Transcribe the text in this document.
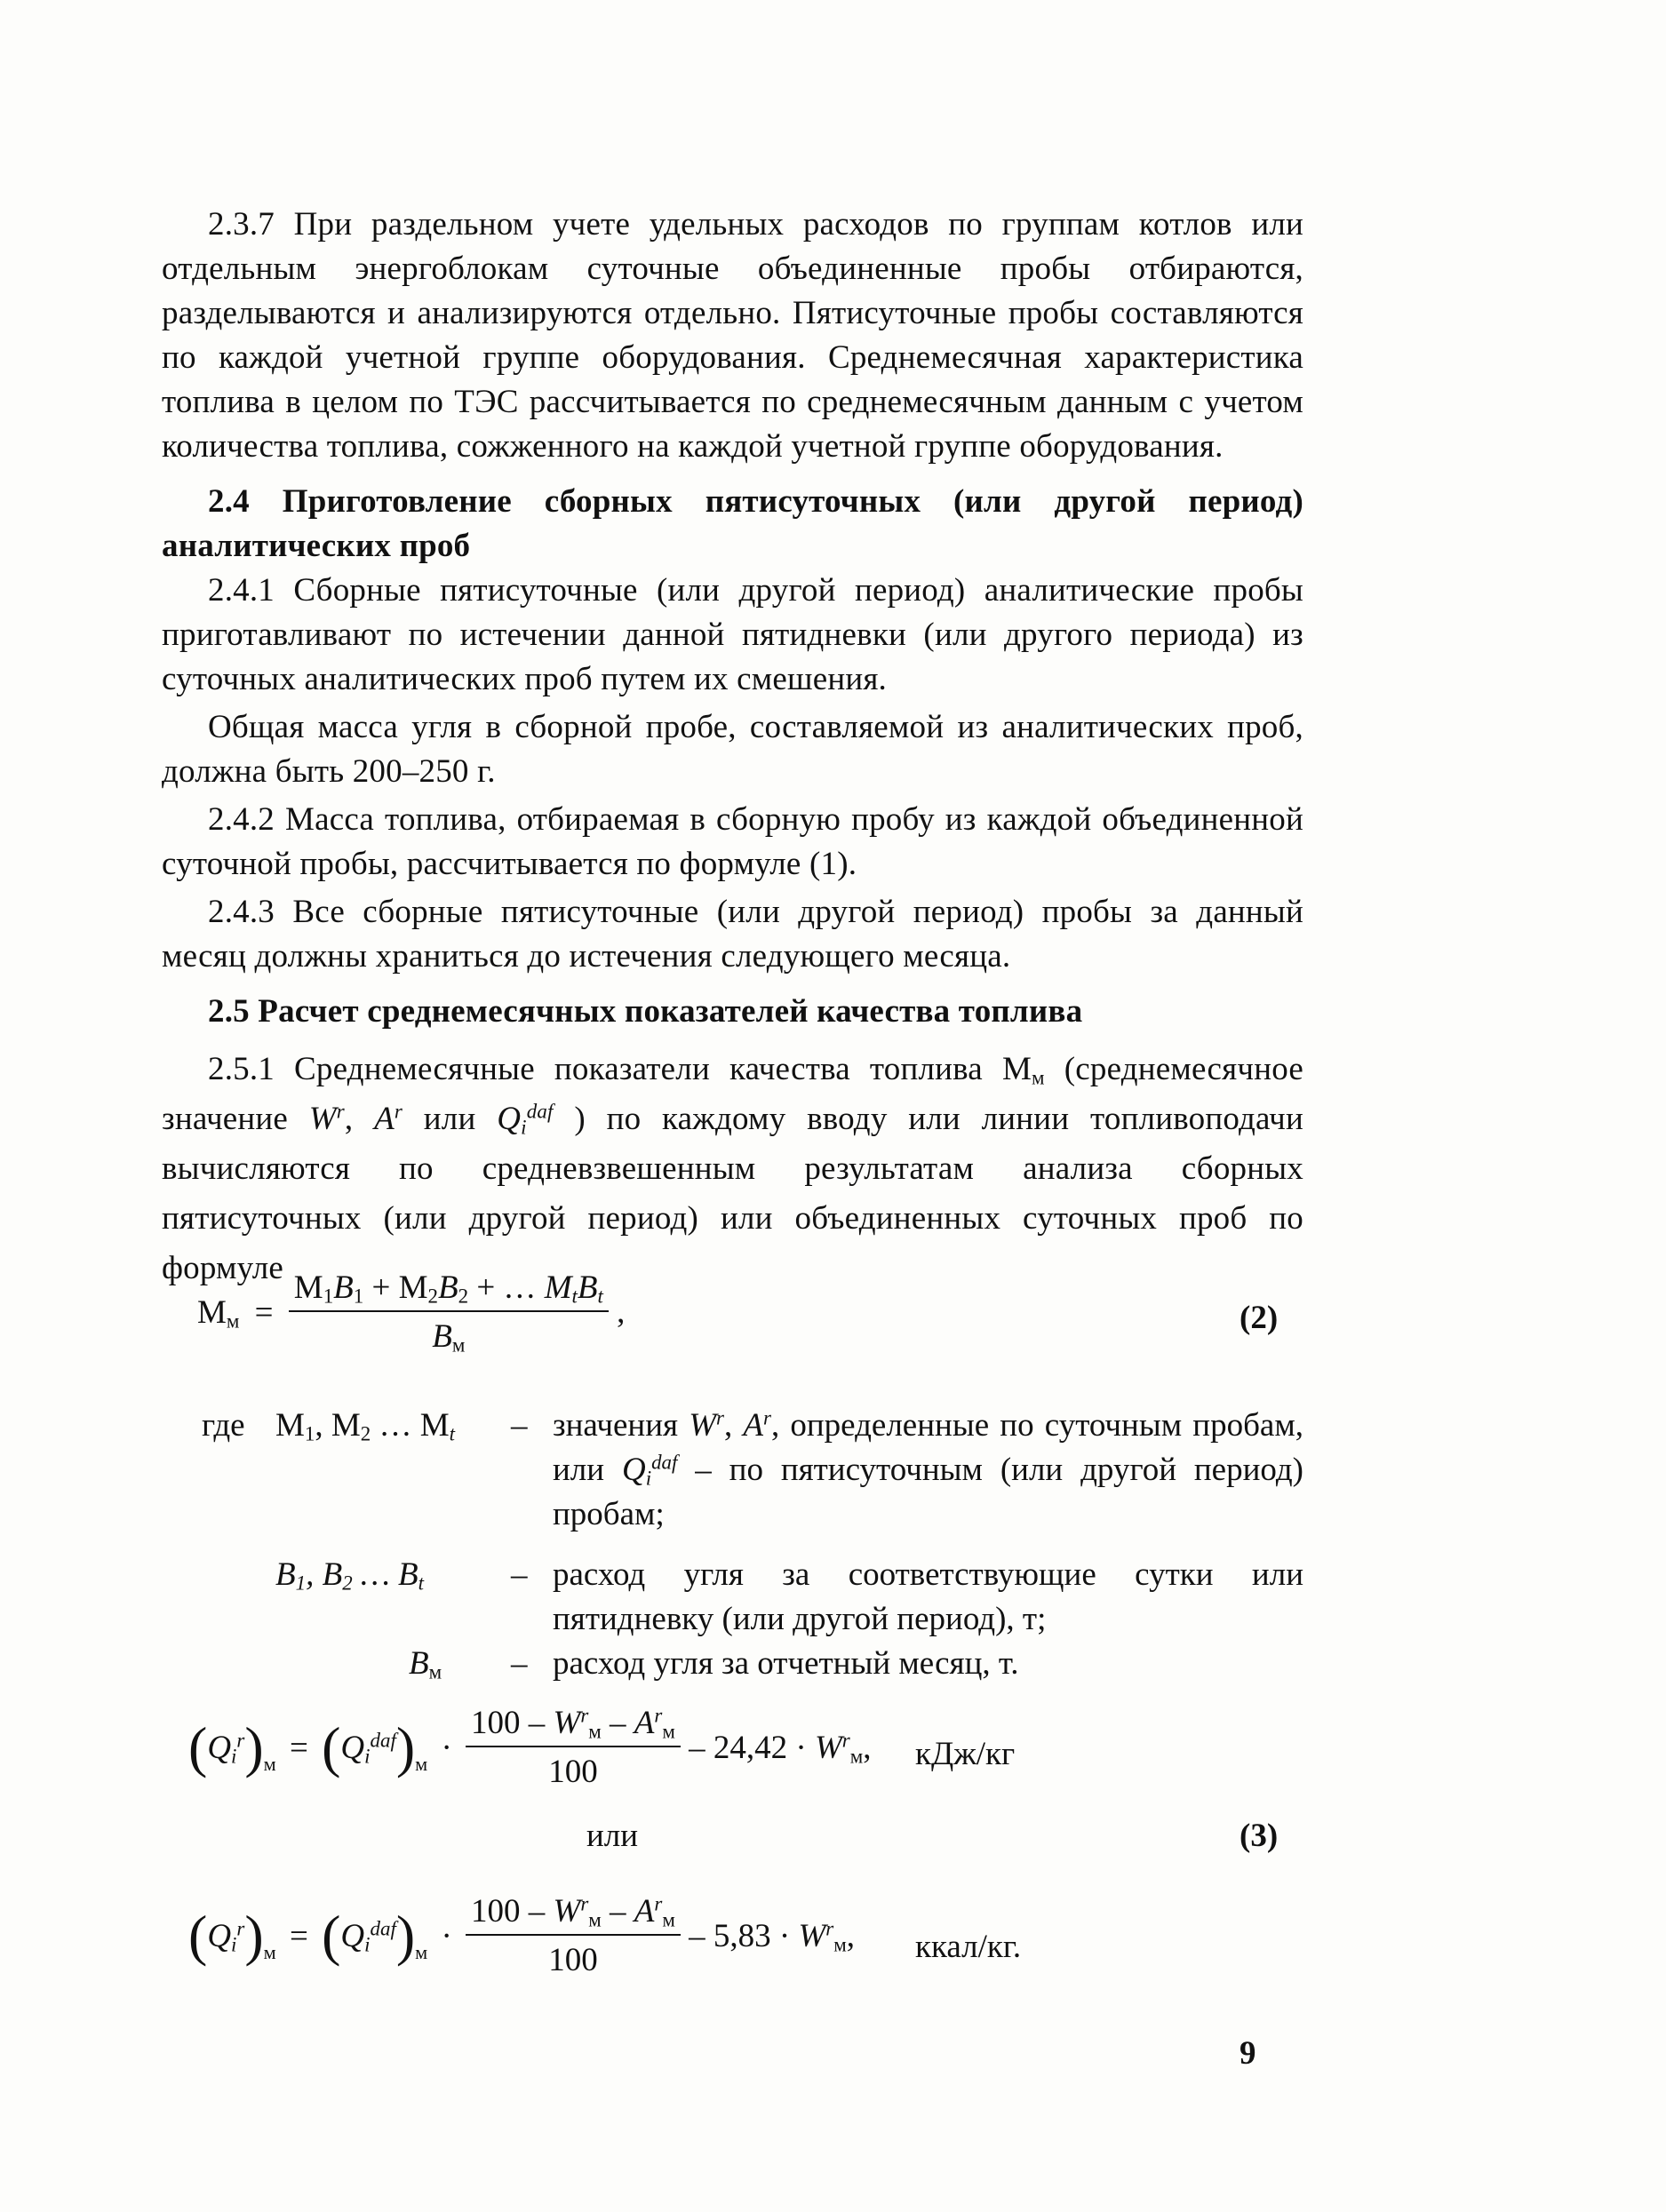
2.3.7 При раздельном учете удельных расходов по группам котлов или отдельным энергоблокам суточные объединенные пробы отбираются, разделываются и анализируются отдельно. Пятисуточные пробы составляются по каждой учетной группе оборудования. Среднемесячная характеристика топлива в целом по ТЭС рассчитывается по среднемесячным данным с учетом количества топлива, сожженного на каждой учетной группе оборудования.

2.4 Приготовление сборных пятисуточных (или другой период) аналитических проб

2.4.1 Сборные пятисуточные (или другой период) аналитические пробы приготавливают по истечении данной пятидневки (или другого периода) из суточных аналитических проб путем их смешения.

Общая масса угля в сборной пробе, составляемой из аналитических проб, должна быть 200–250 г.

2.4.2 Масса топлива, отбираемая в сборную пробу из каждой объединенной суточной пробы, рассчитывается по формуле (1).

2.4.3 Все сборные пятисуточные (или другой период) пробы за данный месяц должны храниться до истечения следующего месяца.

2.5 Расчет среднемесячных показателей качества топлива

2.5.1 Среднемесячные показатели качества топлива $М_м$ (среднемесячное значение $W^r$, $A^r$ или $Q_i^{daf}$ ) по каждому вводу или линии топливоподачи вычисляются по средневзвешенным результатам анализа сборных пятисуточных (или другой период) или объединенных суточных проб по формуле

$М_м = \frac{М_1B_1 + М_2B_2 + \dots M_tB_t}{B_м}$ ,	(2)
где $М_1$, $М_2$ … $М_t$ – значения $W^r$, $A^r$, определенные по суточным пробам, или $Q_i^{daf}$ – по пятисуточным (или другой период) пробам;
$B_1$, $B_2$ … $B_t$	– расход угля за соответствующие сутки или пятидневку (или другой период), т;
$B_м$ – расход угля за отчетный месяц, т.
$(Q_i^r)_м = (Q_i^{daf})_м \cdot \frac{100 - W^r_м - A^r_м}{100} - 24,42 \cdot W^r_м$, кДж/кг
или	(3)
$(Q_i^r)_м = (Q_i^{daf})_м \cdot \frac{100 - W^r_м - A^r_м}{100} - 5,83 \cdot W^r_м$, ккал/кг.
9
